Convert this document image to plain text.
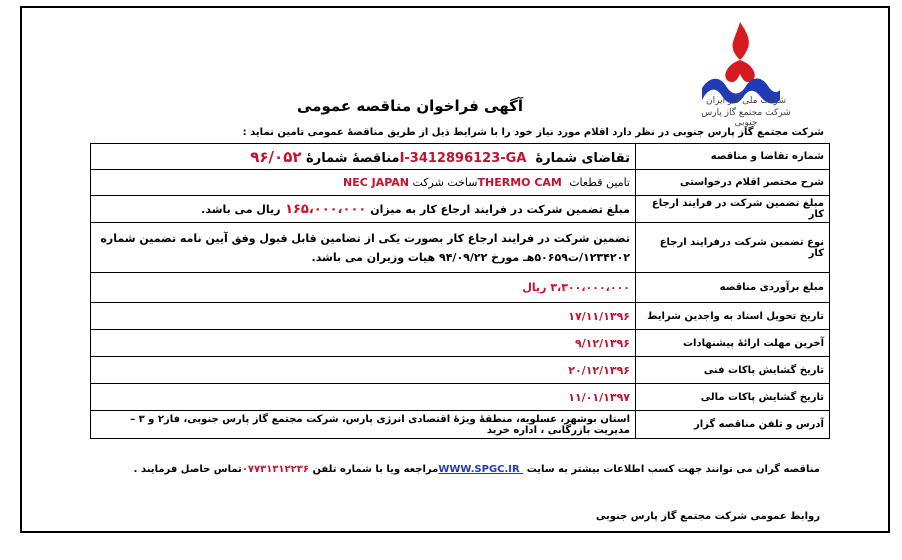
شرکت ملی گاز ایران
شرکت مجتمع گاز پارس جنوبی
آگهی فراخوان مناقصه عمومی
شرکت مجتمع گاز پارس جنوبی در نظر دارد اقلام مورد نیاز خود را با شرایط ذیل از طریق مناقصهٔ عمومی تامین نماید :
شماره تقاضا و مناقصه	تقاضای شمارهٔI-3412896123-GAمناقصهٔ شمارهٔ۹۶/۰۵۲
شرح مختصر اقلام درخواستی	تامین قطعاتTHERMO CAMساخت شرکتNEC JAPAN
مبلغ تضمین شرکت در فرایند ارجاع کار	مبلغ تضمین شرکت در فرایند ارجاع کار به میزان۱۶۵،۰۰۰،۰۰۰ریال می باشد.
نوع تضمین شرکت درفرایند ارجاع کار	تضمین شرکت در فرایند ارجاع کار بصورت یکی از تضامین قابل قبول وفق آیین نامه تضمین شماره ۱۲۳۴۲۰۲/ت۵۰۶۵۹هـ مورخ ۹۴/۰۹/۲۲ هیات وزیران می باشد.
مبلغ برآوردی مناقصه	۳،۳۰۰،۰۰۰،۰۰۰ ریال
تاریخ تحویل اسناد به واجدین شرایط	۱۷/۱۱/۱۳۹۶
آخرین مهلت ارائهٔ پیشنهادات	۹/۱۲/۱۳۹۶
تاریخ گشایش پاکات فنی	۲۰/۱۲/۱۳۹۶
تاریخ گشایش پاکات مالی	۱۱/۰۱/۱۳۹۷
آدرس و تلفن مناقصه گزار	استان بوشهر، عسلویه، منطقهٔ ویژهٔ اقتصادی انرژی پارس، شرکت مجتمع گاز پارس جنوبی، فاز۲ و ۳ – مدیریت بازرگانی ، اداره خرید
مناقصه گران می توانند جهت کسب اطلاعات بیشتر به سایتWWW.SPGC.IRمراجعه ویا با شماره تلفن۰۷۷۳۱۳۱۲۲۳۶تماس حاصل فرمایند .
روابط عمومی شرکت مجتمع گاز پارس جنوبی
